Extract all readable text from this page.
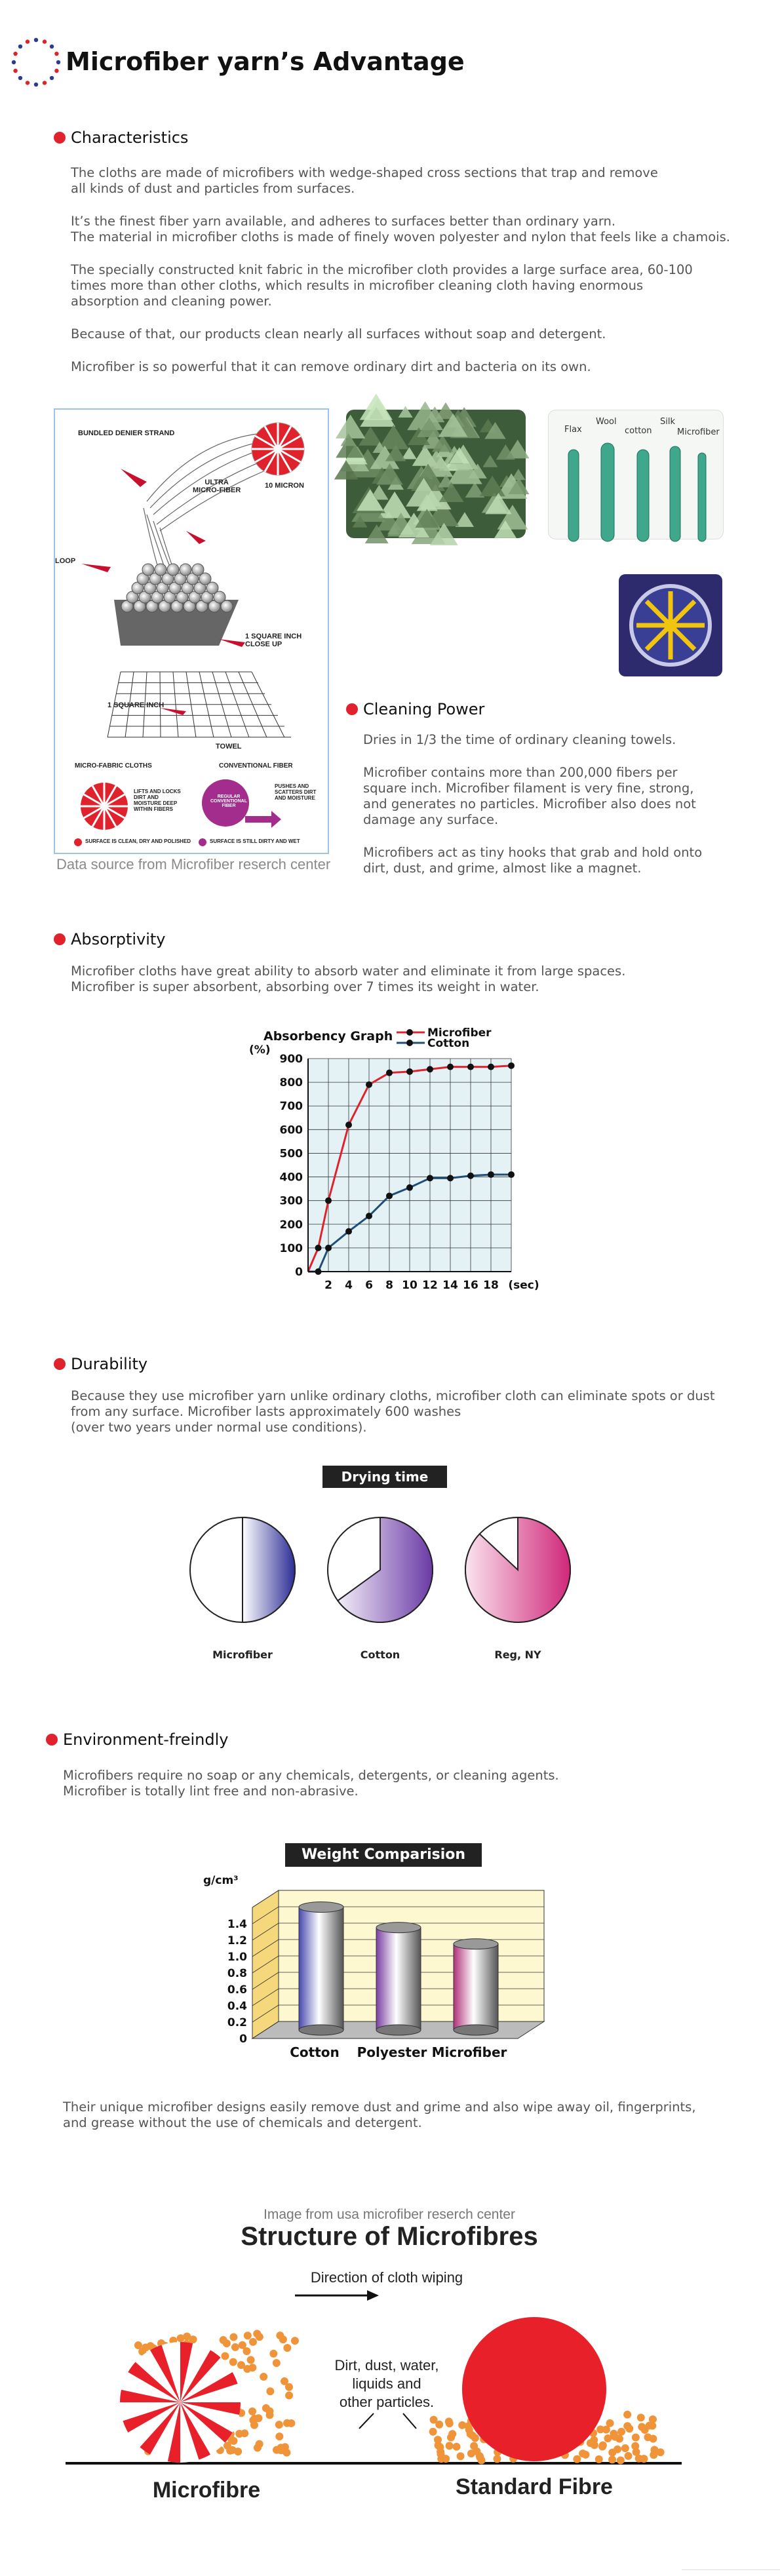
Microfiber yarn’s Advantage
Characteristics

The cloths are made of microfibers with wedge-shaped cross sections that trap and remove
all kinds of dust and particles from surfaces.

It’s the finest fiber yarn available, and adheres to surfaces better than ordinary yarn.
The material in microfiber cloths is made of finely woven polyester and nylon that feels like a chamois.

The specially constructed knit fabric in the microfiber cloth provides a large surface area, 60-100
times more than other cloths, which results in microfiber cleaning cloth having enormous
absorption and cleaning power.

Because of that, our products clean nearly all surfaces without soap and detergent.

Microfiber is so powerful that it can remove ordinary dirt and bacteria on its own.

BUNDLED DENIER STRAND
ULTRA
MICRO-FIBER
10 MICRON
LOOP
1 SQUARE INCH
CLOSE UP
1 SQUARE INCH
TOWEL
MICRO-FABRIC CLOTHS	CONVENTIONAL FIBER
LIFTS AND LOCKS
DIRT AND
MOISTURE DEEP
WITHIN FIBERS
REGULAR
CONVENTIONAL
FIBER
PUSHES AND
SCATTERS DIRT
AND MOISTURE
SURFACE IS CLEAN, DRY AND POLISHED	SURFACE IS STILL DIRTY AND WET
Data source from Microfiber reserch center
Flax
Wool
cotton
Silk
Microfiber
Cleaning Power

Dries in 1/3 the time of ordinary cleaning towels.

Microfiber contains more than 200,000 fibers per
square inch. Microfiber filament is very fine, strong,
and generates no particles. Microfiber also does not
damage any surface.

Microfibers act as tiny hooks that grab and hold onto
dirt, dust, and grime, almost like a magnet.

Absorptivity

Microfiber cloths have great ability to absorb water and eliminate it from large spaces.
Microfiber is super absorbent, absorbing over 7 times its weight in water.

0
100
200
300
400
500
600
700
800
900
2 4 6 8 10 12 14 16 18 (sec)
(%)
Absorbency Graph	Microfiber
Cotton
Durability

Because they use microfiber yarn unlike ordinary cloths, microfiber cloth can eliminate spots or dust
from any surface. Microfiber lasts approximately 600 washes
(over two years under normal use conditions).

Drying time
Microfiber	Cotton	Reg, NY
Environment-freindly

Microfibers require no soap or any chemicals, detergents, or cleaning agents.
Microfiber is totally lint free and non-abrasive.

Weight Comparision
0
0.2
0.4
0.6
0.8
1.0
1.2
1.4
g/cm³
Cotton Polyester Microfiber

Their unique microfiber designs easily remove dust and grime and also wipe away oil, fingerprints,
and grease without the use of chemicals and detergent.

Image from usa microfiber reserch center
Structure of Microfibres
Direction of cloth wiping
Dirt, dust, water,
liquids and
other particles.
Microfibre	Standard Fibre
